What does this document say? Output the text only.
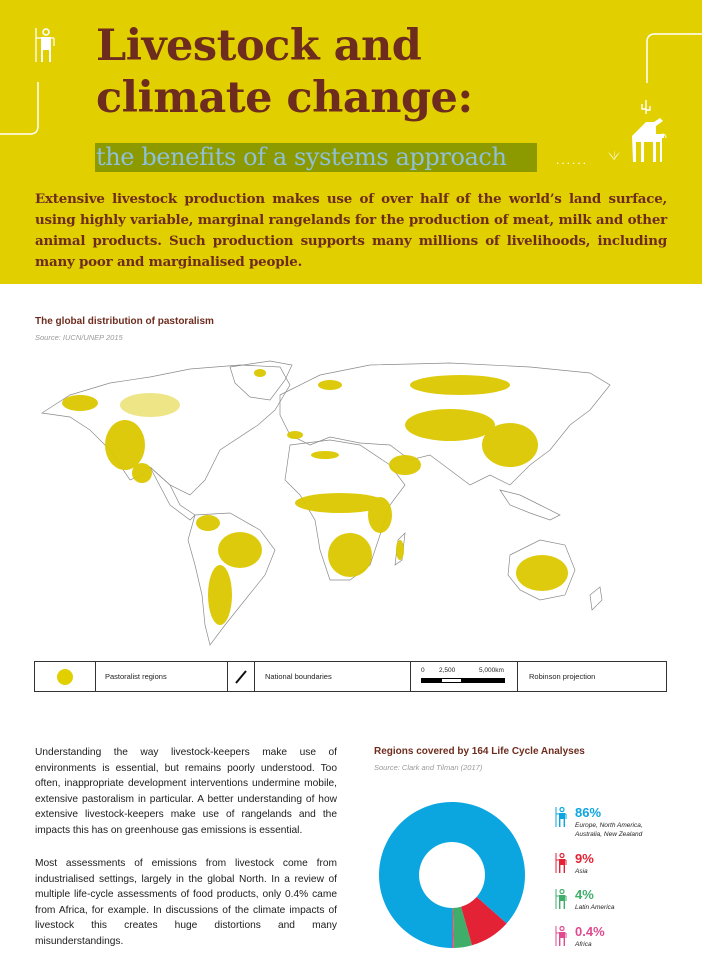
Livestock and
climate change:
the benefits of a systems approach	......
Extensive livestock production makes use of over half of the world’s land surface, using highly variable, marginal rangelands for the production of meat, milk and other animal products. Such production supports many millions of livelihoods, including many poor and marginalised people.
The global distribution of pastoralism
Source: IUCN/UNEP 2015
Pastoralist regions	National boundaries
0 2,500	5,000km
Robinson projection
Understanding the way livestock-keepers make use of environments is essential, but remains poorly understood. Too often, inappropriate development interventions undermine mobile, extensive pastoralism in particular. A better understanding of how extensive livestock-keepers make use of rangelands and the impacts this has on greenhouse gas emissions is essential.
Most assessments of emissions from livestock come from industrialised settings, largely in the global North. In a review of multiple life-cycle assessments of food products, only 0.4% came from Africa, for example. In discussions of the climate impacts of livestock this creates huge distortions and many misunderstandings.
Regions covered by 164 Life Cycle Analyses
Source: Clark and Tilman (2017)
86%
Europe, North America, Australia, New Zealand
9%
Asia
4%
Latin America
0.4%
Africa
